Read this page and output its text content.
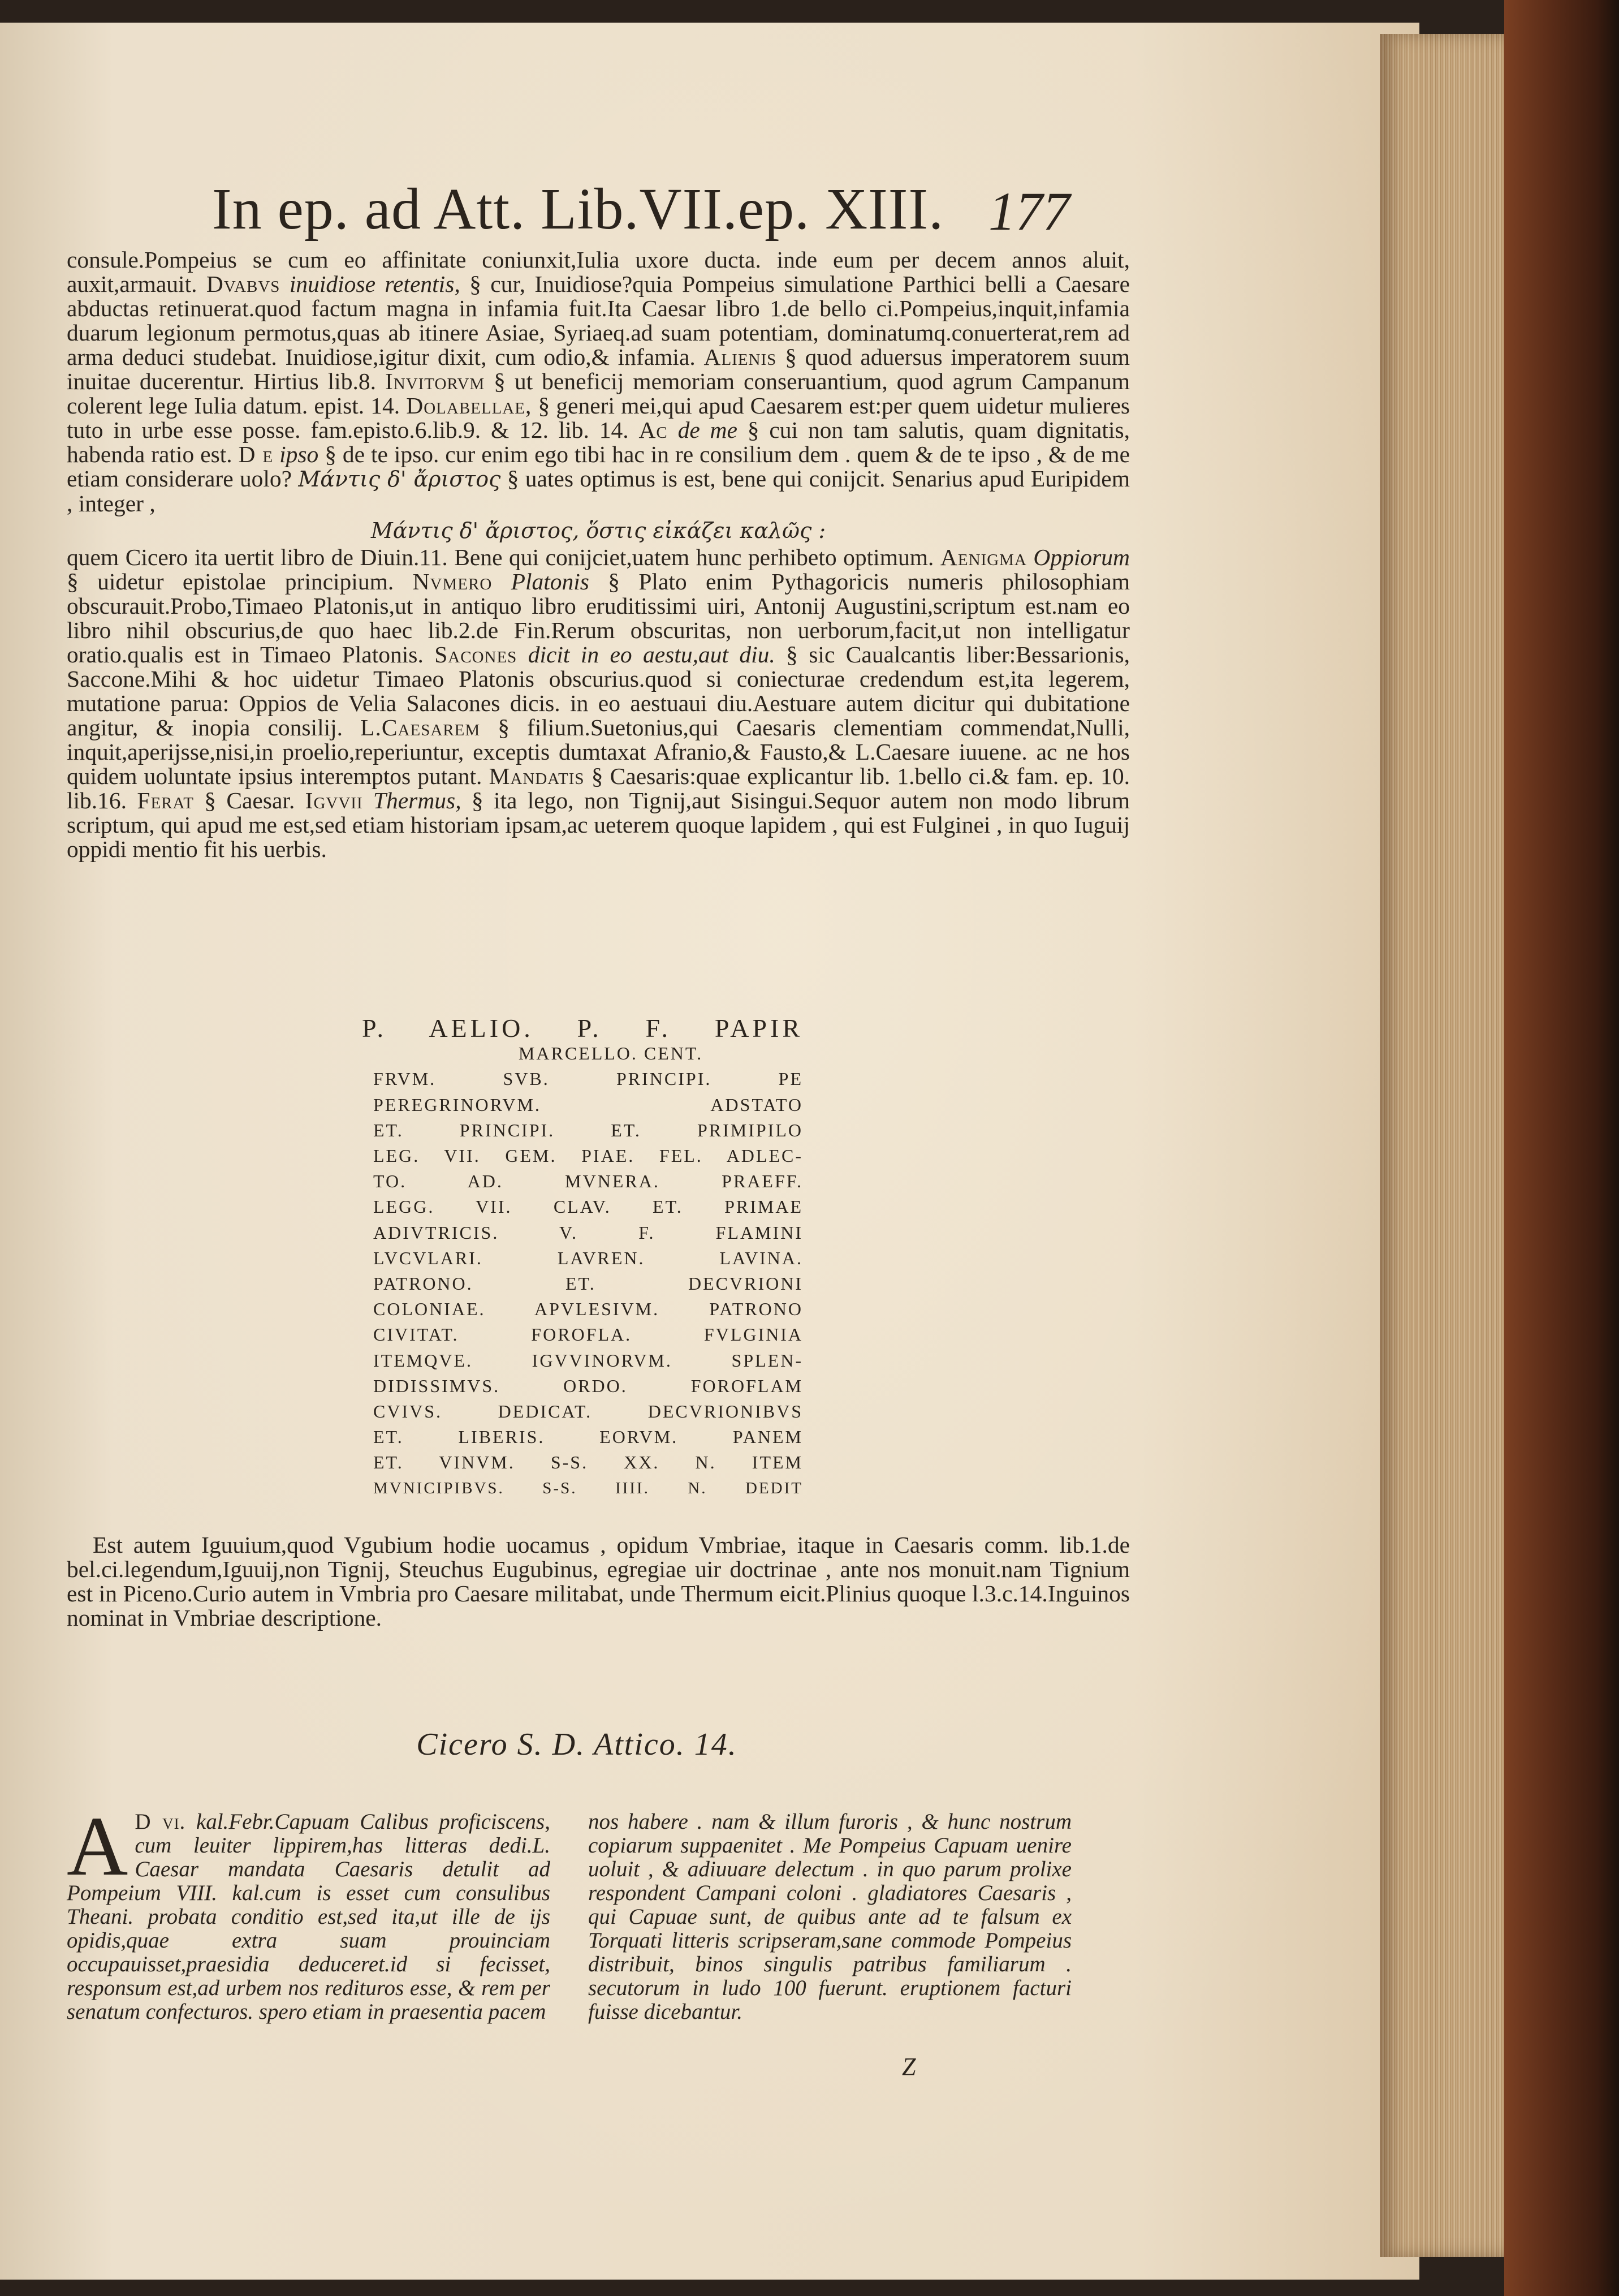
In ep. ad Att. Lib.VII.ep. XIII. 177

consule.Pompeius se cum eo affinitate coniunxit,Iulia uxore ducta. inde eum per decem annos aluit, auxit,armauit. Dvabvs inuidiose retentis, § cur, Inuidiose?quia Pompeius simulatione Parthici belli a Caesare abductas retinuerat.quod factum magna in infamia fuit.Ita Caesar libro 1.de bello ci.Pompeius,inquit,infamia duarum legionum permotus,quas ab itinere Asiae, Syriaeq.ad suam potentiam, dominatumq.conuerterat,rem ad arma deduci studebat. Inuidiose,igitur dixit, cum odio,& infamia. Alienis § quod aduersus imperatorem suum inuitae ducerentur. Hirtius lib.8. Invitorvm § ut beneficij memoriam conseruantium, quod agrum Campanum colerent lege Iulia datum. epist. 14. Dolabellae, § generi mei,qui apud Caesarem est:per quem uidetur mulieres tuto in urbe esse posse. fam.episto.6.lib.9. & 12. lib. 14. Ac de me § cui non tam salutis, quam dignitatis, habenda ratio est. D e ipso § de te ipso. cur enim ego tibi hac in re consilium dem . quem & de te ipso , & de me etiam considerare uolo? Μάντις δ' ἄριστος § uates optimus is est, bene qui conijcit. Senarius apud Euripidem , integer ,

Μάντις δ' ἄριστος, ὅστις εἰκάζει καλῶς :

quem Cicero ita uertit libro de Diuin.11. Bene qui conijciet,uatem hunc perhibeto optimum. Aenigma Oppiorum § uidetur epistolae principium. Nvmero Platonis § Plato enim Pythagoricis numeris philosophiam obscurauit.Probo,Timaeo Platonis,ut in antiquo libro eruditissimi uiri, Antonij Augustini,scriptum est.nam eo libro nihil obscurius,de quo haec lib.2.de Fin.Rerum obscuritas, non uerborum,facit,ut non intelligatur oratio.qualis est in Timaeo Platonis. Sacones dicit in eo aestu,aut diu. § sic Caualcantis liber:Bessarionis, Saccone.Mihi & hoc uidetur Timaeo Platonis obscurius.quod si coniecturae credendum est,ita legerem, mutatione parua: Oppios de Velia Salacones dicis. in eo aestuaui diu.Aestuare autem dicitur qui dubitatione angitur, & inopia consilij. L.Caesarem § filium.Suetonius,qui Caesaris clementiam commendat,Nulli, inquit,aperijsse,nisi,in proelio,reperiuntur, exceptis dumtaxat Afranio,& Fausto,& L.Caesare iuuene. ac ne hos quidem uoluntate ipsius interemptos putant. Mandatis § Caesaris:quae explicantur lib. 1.bello ci.& fam. ep. 10. lib.16. Ferat § Caesar. Igvvii Thermus, § ita lego, non Tignij,aut Sisingui.Sequor autem non modo librum scriptum, qui apud me est,sed etiam historiam ipsam,ac ueterem quoque lapidem , qui est Fulginei , in quo Iuguij oppidi mentio fit his uerbis.

P. AELIO. P. F. PAPIR
MARCELLO. CENT.
FRVM. SVB. PRINCIPI. PE
PEREGRINORVM. ADSTATO
ET. PRINCIPI. ET. PRIMIPILO
LEG. VII. GEM. PIAE. FEL. ADLEC-
TO. AD. MVNERA. PRAEFF.
LEGG. VII. CLAV. ET. PRIMAE
ADIVTRICIS. V. F. FLAMINI
LVCVLARI. LAVREN. LAVINA.
PATRONO. ET. DECVRIONI
COLONIAE. APVLESIVM. PATRONO
CIVITAT. FOROFLA. FVLGINIA
ITEMQVE. IGVVINORVM. SPLEN-
DIDISSIMVS. ORDO. FOROFLAM
CVIVS. DEDICAT. DECVRIONIBVS
ET. LIBERIS. EORVM. PANEM
ET. VINVM. S-S. XX. N. ITEM
MVNICIPIBVS. S-S. IIII. N. DEDIT

Est autem Iguuium,quod Vgubium hodie uocamus , opidum Vmbriae, itaque in Caesaris comm. lib.1.de bel.ci.legendum,Iguuij,non Tignij, Steuchus Eugubinus, egregiae uir doctrinae , ante nos monuit.nam Tignium est in Piceno.Curio autem in Vmbria pro Caesare militabat, unde Thermum eicit.Plinius quoque l.3.c.14.Inguinos nominat in Vmbriae descriptione.

Cicero S. D. Attico. 14.
A D vi. kal.Febr.Capuam Calibus proficiscens, cum leuiter lippirem,has litteras dedi.L. Caesar mandata Caesaris detulit ad Pompeium VIII. kal.cum is esset cum consulibus Theani. probata conditio est,sed ita,ut ille de ijs opidis,quae extra suam prouinciam occupauisset,praesidia deduceret.id si fecisset, responsum est,ad urbem nos redituros esse, & rem per senatum confecturos. spero etiam in praesentia pacem
nos habere . nam & illum furoris , & hunc nostrum copiarum suppaenitet . Me Pompeius Capuam uenire uoluit , & adiuuare delectum . in quo parum prolixe respondent Campani coloni . gladiatores Caesaris , qui Capuae sunt, de quibus ante ad te falsum ex Torquati litteris scripseram,sane commode Pompeius distribuit, binos singulis patribus familiarum . secutorum in ludo 100 fuerunt. eruptionem facturi fuisse dicebantur.
Z
